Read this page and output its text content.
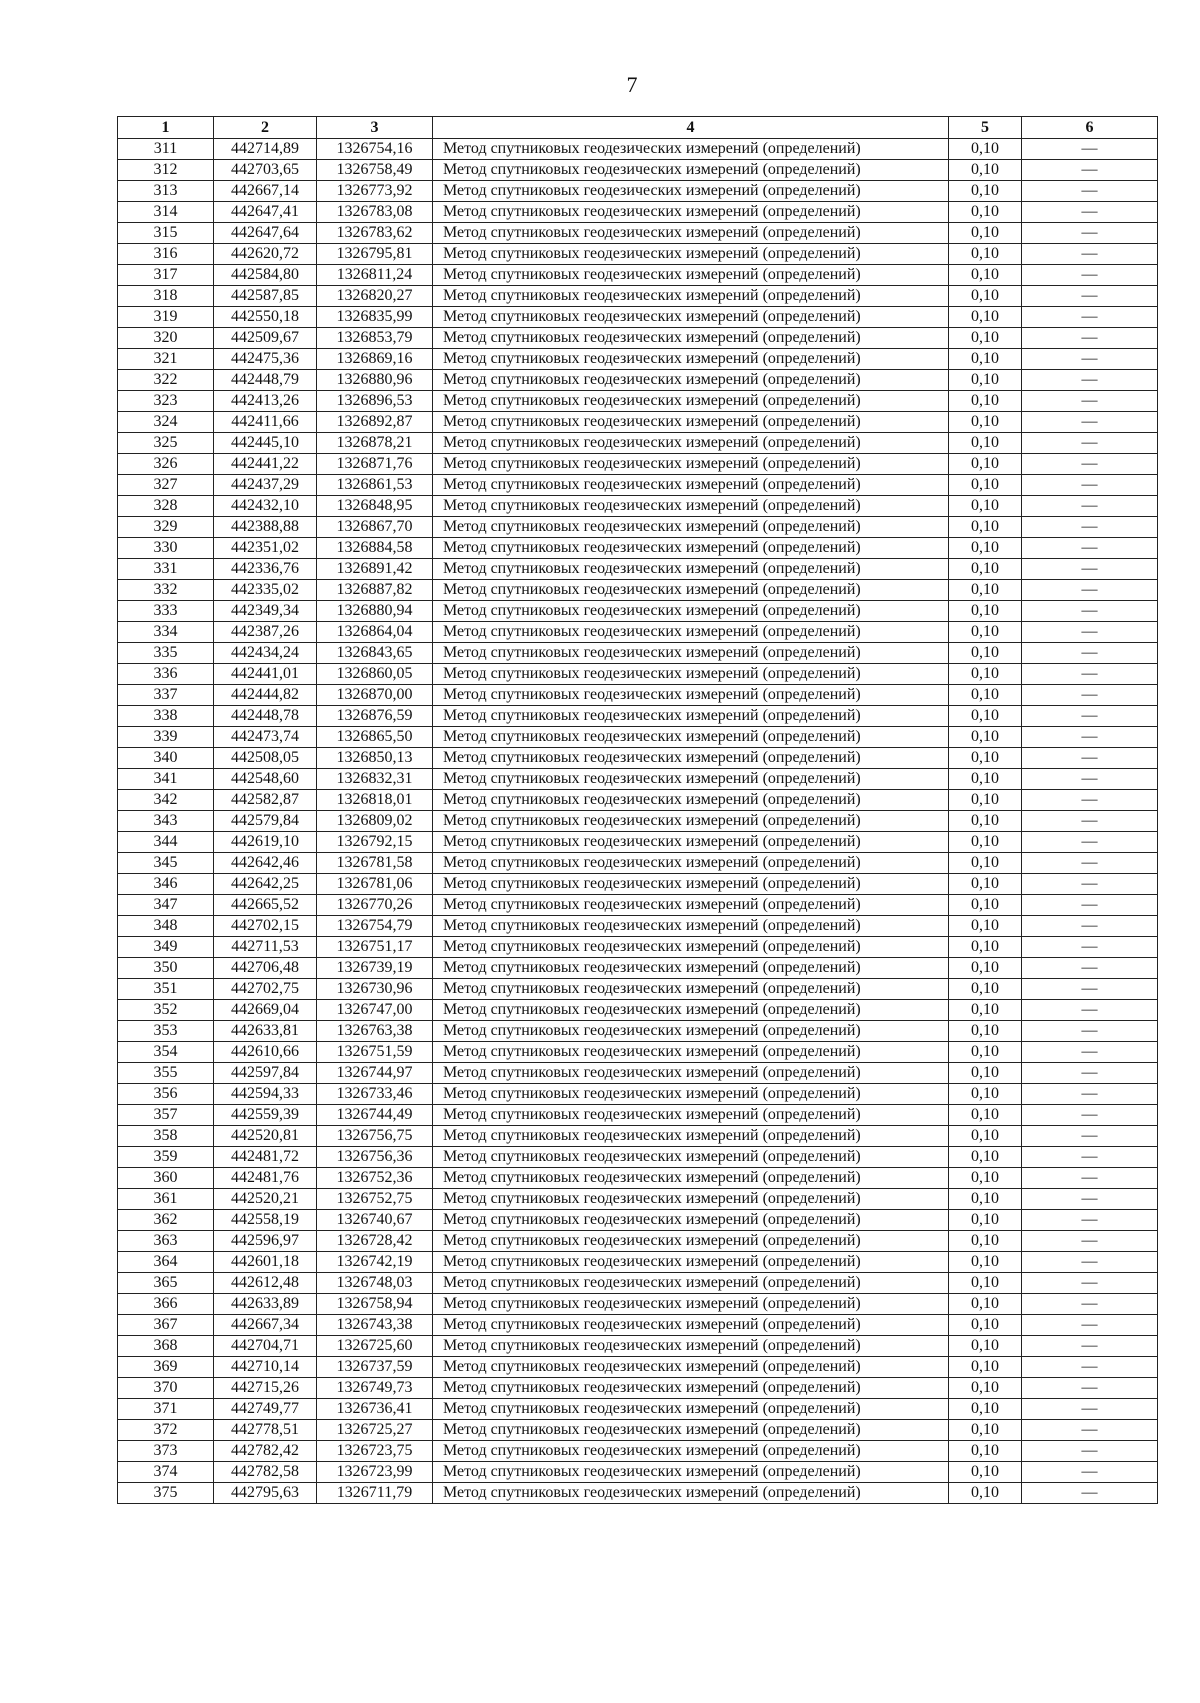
7
1	2	3	4	5	6
311	442714,89	1326754,16	Метод спутниковых геодезических измерений (определений)	0,10	—
312	442703,65	1326758,49	Метод спутниковых геодезических измерений (определений)	0,10	—
313	442667,14	1326773,92	Метод спутниковых геодезических измерений (определений)	0,10	—
314	442647,41	1326783,08	Метод спутниковых геодезических измерений (определений)	0,10	—
315	442647,64	1326783,62	Метод спутниковых геодезических измерений (определений)	0,10	—
316	442620,72	1326795,81	Метод спутниковых геодезических измерений (определений)	0,10	—
317	442584,80	1326811,24	Метод спутниковых геодезических измерений (определений)	0,10	—
318	442587,85	1326820,27	Метод спутниковых геодезических измерений (определений)	0,10	—
319	442550,18	1326835,99	Метод спутниковых геодезических измерений (определений)	0,10	—
320	442509,67	1326853,79	Метод спутниковых геодезических измерений (определений)	0,10	—
321	442475,36	1326869,16	Метод спутниковых геодезических измерений (определений)	0,10	—
322	442448,79	1326880,96	Метод спутниковых геодезических измерений (определений)	0,10	—
323	442413,26	1326896,53	Метод спутниковых геодезических измерений (определений)	0,10	—
324	442411,66	1326892,87	Метод спутниковых геодезических измерений (определений)	0,10	—
325	442445,10	1326878,21	Метод спутниковых геодезических измерений (определений)	0,10	—
326	442441,22	1326871,76	Метод спутниковых геодезических измерений (определений)	0,10	—
327	442437,29	1326861,53	Метод спутниковых геодезических измерений (определений)	0,10	—
328	442432,10	1326848,95	Метод спутниковых геодезических измерений (определений)	0,10	—
329	442388,88	1326867,70	Метод спутниковых геодезических измерений (определений)	0,10	—
330	442351,02	1326884,58	Метод спутниковых геодезических измерений (определений)	0,10	—
331	442336,76	1326891,42	Метод спутниковых геодезических измерений (определений)	0,10	—
332	442335,02	1326887,82	Метод спутниковых геодезических измерений (определений)	0,10	—
333	442349,34	1326880,94	Метод спутниковых геодезических измерений (определений)	0,10	—
334	442387,26	1326864,04	Метод спутниковых геодезических измерений (определений)	0,10	—
335	442434,24	1326843,65	Метод спутниковых геодезических измерений (определений)	0,10	—
336	442441,01	1326860,05	Метод спутниковых геодезических измерений (определений)	0,10	—
337	442444,82	1326870,00	Метод спутниковых геодезических измерений (определений)	0,10	—
338	442448,78	1326876,59	Метод спутниковых геодезических измерений (определений)	0,10	—
339	442473,74	1326865,50	Метод спутниковых геодезических измерений (определений)	0,10	—
340	442508,05	1326850,13	Метод спутниковых геодезических измерений (определений)	0,10	—
341	442548,60	1326832,31	Метод спутниковых геодезических измерений (определений)	0,10	—
342	442582,87	1326818,01	Метод спутниковых геодезических измерений (определений)	0,10	—
343	442579,84	1326809,02	Метод спутниковых геодезических измерений (определений)	0,10	—
344	442619,10	1326792,15	Метод спутниковых геодезических измерений (определений)	0,10	—
345	442642,46	1326781,58	Метод спутниковых геодезических измерений (определений)	0,10	—
346	442642,25	1326781,06	Метод спутниковых геодезических измерений (определений)	0,10	—
347	442665,52	1326770,26	Метод спутниковых геодезических измерений (определений)	0,10	—
348	442702,15	1326754,79	Метод спутниковых геодезических измерений (определений)	0,10	—
349	442711,53	1326751,17	Метод спутниковых геодезических измерений (определений)	0,10	—
350	442706,48	1326739,19	Метод спутниковых геодезических измерений (определений)	0,10	—
351	442702,75	1326730,96	Метод спутниковых геодезических измерений (определений)	0,10	—
352	442669,04	1326747,00	Метод спутниковых геодезических измерений (определений)	0,10	—
353	442633,81	1326763,38	Метод спутниковых геодезических измерений (определений)	0,10	—
354	442610,66	1326751,59	Метод спутниковых геодезических измерений (определений)	0,10	—
355	442597,84	1326744,97	Метод спутниковых геодезических измерений (определений)	0,10	—
356	442594,33	1326733,46	Метод спутниковых геодезических измерений (определений)	0,10	—
357	442559,39	1326744,49	Метод спутниковых геодезических измерений (определений)	0,10	—
358	442520,81	1326756,75	Метод спутниковых геодезических измерений (определений)	0,10	—
359	442481,72	1326756,36	Метод спутниковых геодезических измерений (определений)	0,10	—
360	442481,76	1326752,36	Метод спутниковых геодезических измерений (определений)	0,10	—
361	442520,21	1326752,75	Метод спутниковых геодезических измерений (определений)	0,10	—
362	442558,19	1326740,67	Метод спутниковых геодезических измерений (определений)	0,10	—
363	442596,97	1326728,42	Метод спутниковых геодезических измерений (определений)	0,10	—
364	442601,18	1326742,19	Метод спутниковых геодезических измерений (определений)	0,10	—
365	442612,48	1326748,03	Метод спутниковых геодезических измерений (определений)	0,10	—
366	442633,89	1326758,94	Метод спутниковых геодезических измерений (определений)	0,10	—
367	442667,34	1326743,38	Метод спутниковых геодезических измерений (определений)	0,10	—
368	442704,71	1326725,60	Метод спутниковых геодезических измерений (определений)	0,10	—
369	442710,14	1326737,59	Метод спутниковых геодезических измерений (определений)	0,10	—
370	442715,26	1326749,73	Метод спутниковых геодезических измерений (определений)	0,10	—
371	442749,77	1326736,41	Метод спутниковых геодезических измерений (определений)	0,10	—
372	442778,51	1326725,27	Метод спутниковых геодезических измерений (определений)	0,10	—
373	442782,42	1326723,75	Метод спутниковых геодезических измерений (определений)	0,10	—
374	442782,58	1326723,99	Метод спутниковых геодезических измерений (определений)	0,10	—
375	442795,63	1326711,79	Метод спутниковых геодезических измерений (определений)	0,10	—
